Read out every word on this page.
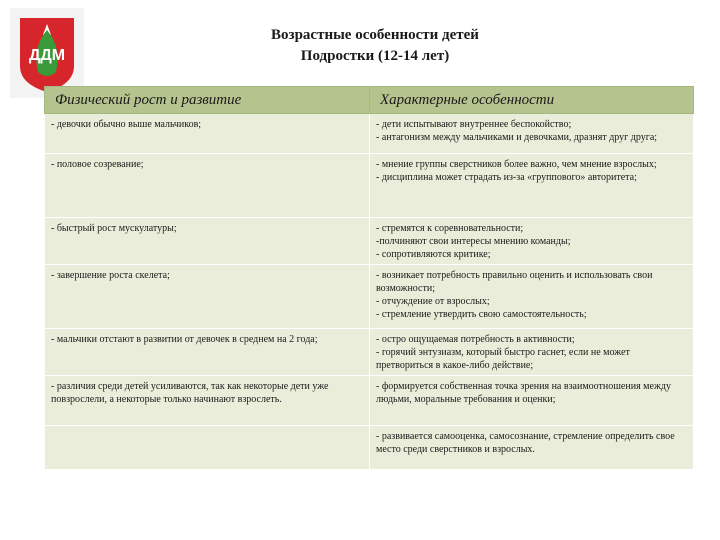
ДДМ
Возрастные особенности детей
Подростки (12-14 лет)
Физический рост и развитие	Характерные особенности

- девочки обычно выше мальчиков;	- дети испытывают внутреннее беспокойство;
- антагонизм между мальчиками и девочками, дразнят друг друга;

- половое созревание;	- мнение группы сверстников более важно, чем мнение взрослых;
- дисциплина может страдать из-за «группового» авторитета;

- быстрый рост мускулатуры;	- стремятся к соревновательности;
-полчиняют свои интересы мнению команды;
- сопротивляются критике;

- завершение роста скелета;	- возникает потребность правильно оценить и использовать свои возможности;
- отчуждение от взрослых;
- стремление утвердить свою самостоятельность;

- мальчики отстают в развитии от девочек в среднем на 2 года;	- остро ощущаемая потребность в активности;
- горячий энтузиазм, который быстро гаснет, если не может претвориться в какое-либо действие;

- различия среди детей усиливаются, так как некоторые дети уже повзрослели, а некоторые только начинают взрослеть.	- формируется собственная точка зрения на взаимоотношения между людьми, моральные требования и оценки;

	- развивается самооценка, самосознание, стремление определить свое место среди сверстников и взрослых.
